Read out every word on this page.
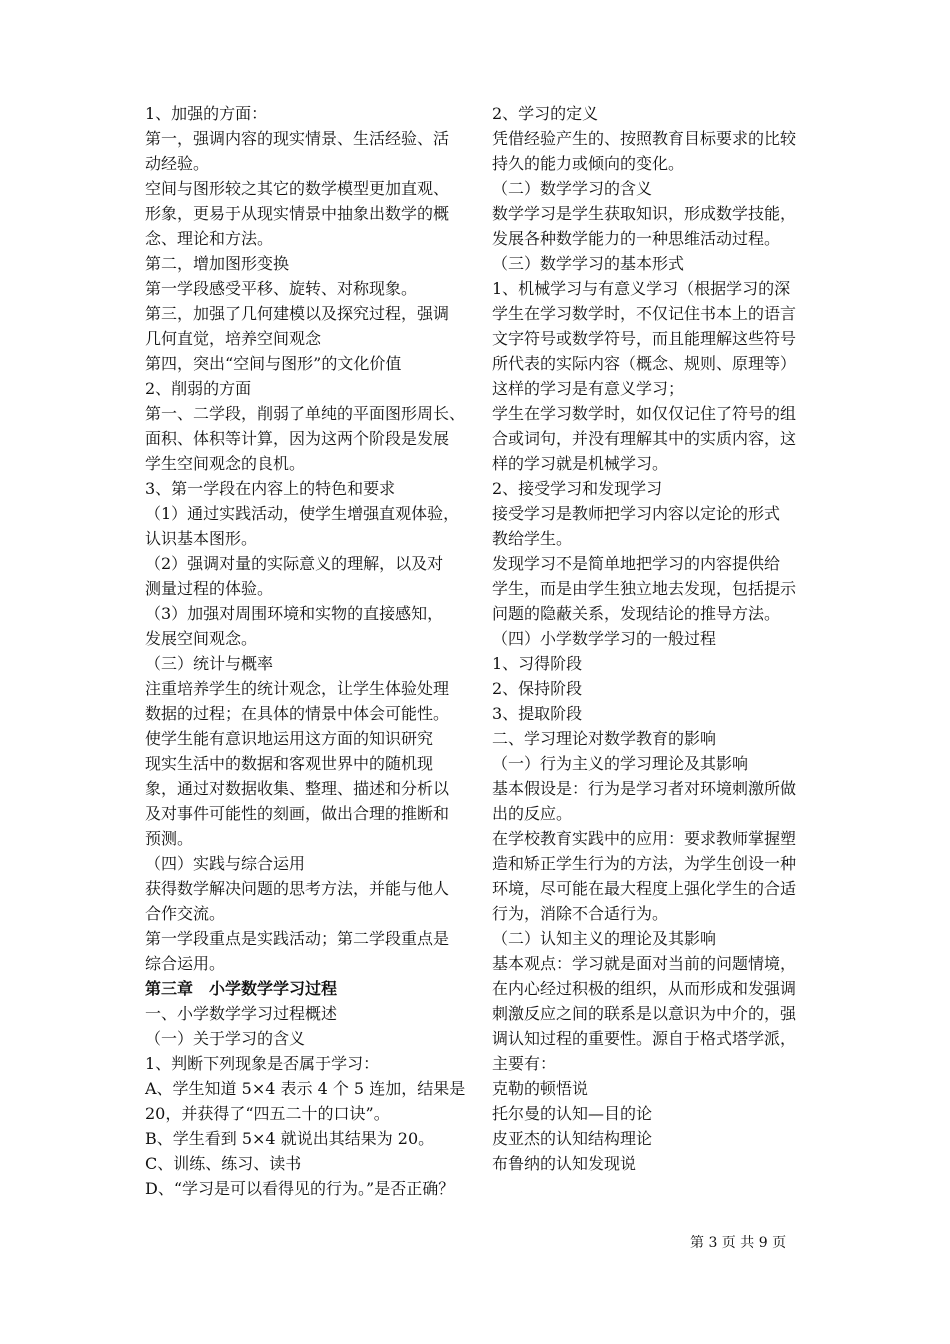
1、加强的方面：
第一，强调内容的现实情景、生活经验、活
动经验。
空间与图形较之其它的数学模型更加直观、
形象，更易于从现实情景中抽象出数学的概
念、理论和方法。
第二，增加图形变换
第一学段感受平移、旋转、对称现象。
第三，加强了几何建模以及探究过程，强调
几何直觉，培养空间观念
第四，突出“空间与图形”的文化价值
2、削弱的方面
第一、二学段，削弱了单纯的平面图形周长、
面积、体积等计算，因为这两个阶段是发展
学生空间观念的良机。
3、第一学段在内容上的特色和要求
（1）通过实践活动，使学生增强直观体验，
认识基本图形。
（2）强调对量的实际意义的理解，以及对
测量过程的体验。
（3）加强对周围环境和实物的直接感知，
发展空间观念。
（三）统计与概率
注重培养学生的统计观念，让学生体验处理
数据的过程；在具体的情景中体会可能性。
使学生能有意识地运用这方面的知识研究
现实生活中的数据和客观世界中的随机现
象，通过对数据收集、整理、描述和分析以
及对事件可能性的刻画，做出合理的推断和
预测。
（四）实践与综合运用
获得数学解决问题的思考方法，并能与他人
合作交流。
第一学段重点是实践活动；第二学段重点是
综合运用。
第三章　小学数学学习过程
一、小学数学学习过程概述
（一）关于学习的含义
1、判断下列现象是否属于学习：
A、学生知道 5×4 表示 4 个 5 连加，结果是
20，并获得了“四五二十的口诀”。
B、学生看到 5×4 就说出其结果为 20。
C、训练、练习、读书
D、“学习是可以看得见的行为。”是否正确？
2、学习的定义
凭借经验产生的、按照教育目标要求的比较
持久的能力或倾向的变化。
（二）数学学习的含义
数学学习是学生获取知识，形成数学技能，
发展各种数学能力的一种思维活动过程。
（三）数学学习的基本形式
1、机械学习与有意义学习（根据学习的深
学生在学习数学时，不仅记住书本上的语言
文字符号或数学符号，而且能理解这些符号
所代表的实际内容（概念、规则、原理等）
这样的学习是有意义学习；
学生在学习数学时，如仅仅记住了符号的组
合或词句，并没有理解其中的实质内容，这
样的学习就是机械学习。
2、接受学习和发现学习
接受学习是教师把学习内容以定论的形式
教给学生。
发现学习不是简单地把学习的内容提供给
学生，而是由学生独立地去发现，包括提示
问题的隐蔽关系，发现结论的推导方法。
（四）小学数学学习的一般过程
1、习得阶段
2、保持阶段
3、提取阶段
二、学习理论对数学教育的影响
（一）行为主义的学习理论及其影响
基本假设是：行为是学习者对环境刺激所做
出的反应。
在学校教育实践中的应用：要求教师掌握塑
造和矫正学生行为的方法，为学生创设一种
环境，尽可能在最大程度上强化学生的合适
行为，消除不合适行为。
（二）认知主义的理论及其影响
基本观点：学习就是面对当前的问题情境，
在内心经过积极的组织，从而形成和发强调
刺激反应之间的联系是以意识为中介的，强
调认知过程的重要性。源自于格式塔学派，
主要有：
克勒的顿悟说
托尔曼的认知—目的论
皮亚杰的认知结构理论
布鲁纳的认知发现说
第 3 页 共 9 页
